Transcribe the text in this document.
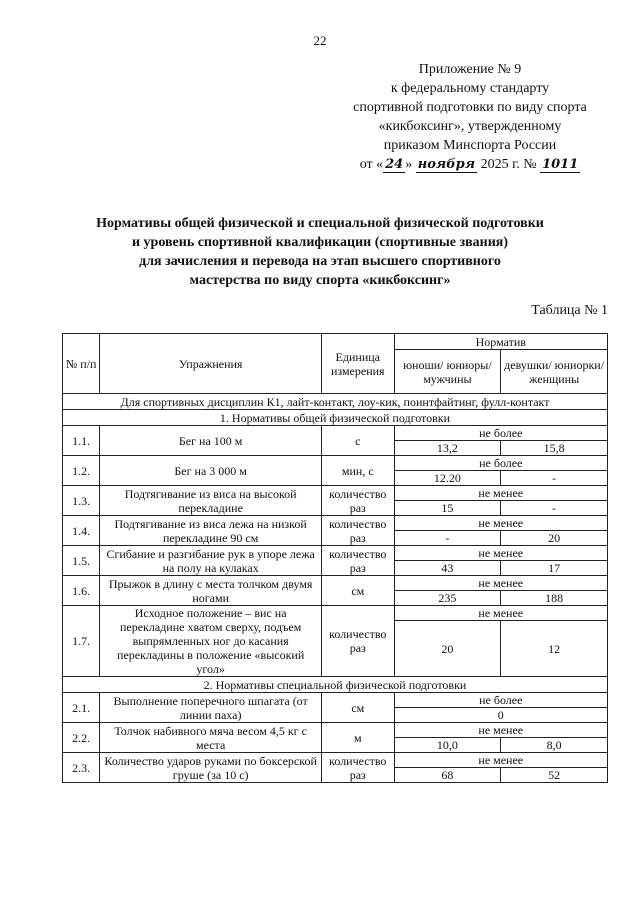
22
Приложение № 9
к федеральному стандарту
спортивной подготовки по виду спорта
«кикбоксинг», утвержденному
приказом Минспорта России
от « 24 » ноября 2025 г. № 1011
Нормативы общей физической и специальной физической подготовки
и уровень спортивной квалификации (спортивные звания)
для зачисления и перевода на этап высшего спортивного
мастерства по виду спорта «кикбоксинг»
Таблица № 1
№ п/п	Упражнения	Единица измерения	Норматив	
			юноши/ юниоры/ мужчины	девушки/ юниорки/ женщины
Для спортивных дисциплин К1, лайт-контакт, лоу-кик, поинтфайтинг, фулл-контакт				
1. Нормативы общей физической подготовки				
1.1.	Бег на 100 м	с	не более	
			13,2	15,8
1.2.	Бег на 3 000 м	мин, с	не более	
			12.20	-
1.3.	Подтягивание из виса на высокой перекладине	количество раз	не менее	
			15	-
1.4.	Подтягивание из виса лежа на низкой перекладине 90 см	количество раз	не менее	
			-	20
1.5.	Сгибание и разгибание рук в упоре лежа на полу на кулаках	количество раз	не менее	
			43	17
1.6.	Прыжок в длину с места толчком двумя ногами	см	не менее	
			235	188
1.7.	Исходное положение – вис на перекладине хватом сверху, подъем выпрямленных ног до касания перекладины в положение «высокий угол»	количество раз	не менее	
			20	12
2. Нормативы специальной физической подготовки				
2.1.	Выполнение поперечного шпагата (от линии паха)	см	не более	
			0	
2.2.	Толчок набивного мяча весом 4,5 кг с места	м	не менее	
			10,0	8,0
2.3.	Количество ударов руками по боксерской груше (за 10 с)	количество раз	не менее	
			68	52
